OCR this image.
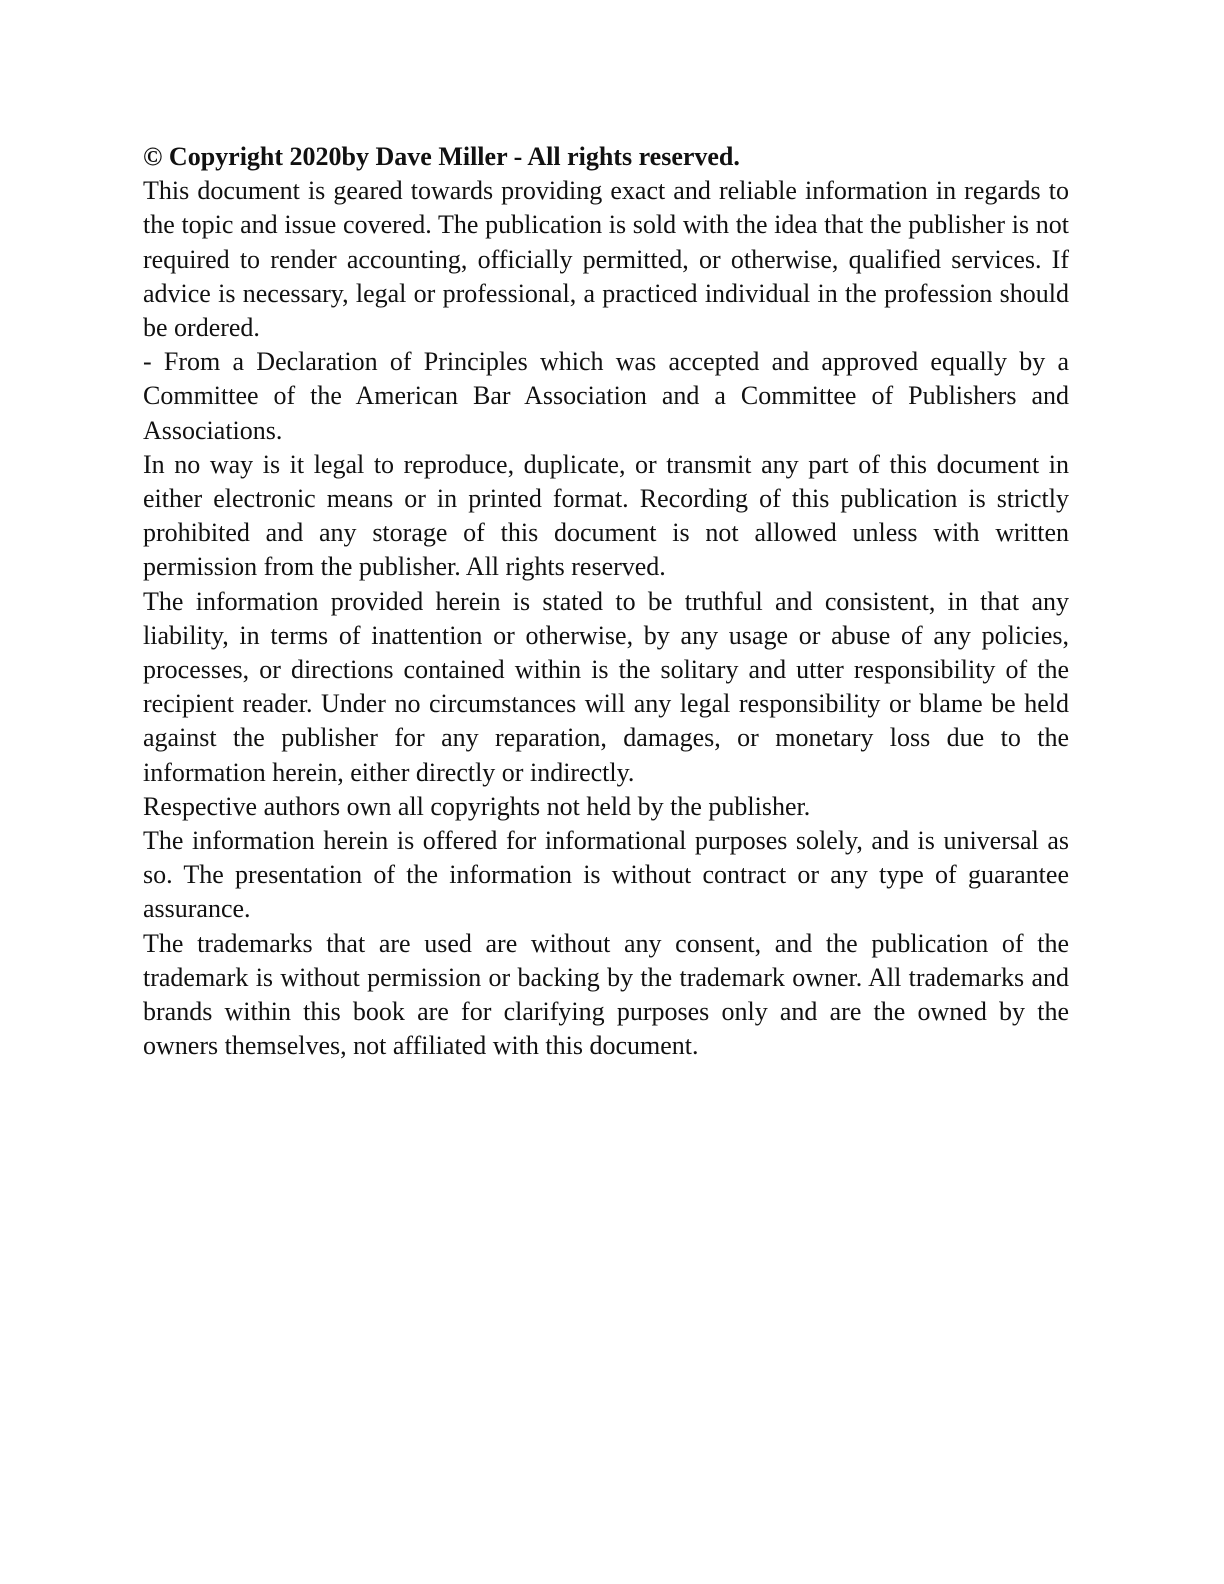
© Copyright 2020by Dave Miller - All rights reserved.

This document is geared towards providing exact and reliable information in regards to the topic and issue covered. The publication is sold with the idea that the publisher is not required to render accounting, officially permitted, or otherwise, qualified services. If advice is necessary, legal or professional, a practiced individual in the profession should be ordered.

- From a Declaration of Principles which was accepted and approved equally by a Committee of the American Bar Association and a Committee of Publishers and Associations.

In no way is it legal to reproduce, duplicate, or transmit any part of this document in either electronic means or in printed format. Recording of this publication is strictly prohibited and any storage of this document is not allowed unless with written permission from the publisher. All rights reserved.

The information provided herein is stated to be truthful and consistent, in that any liability, in terms of inattention or otherwise, by any usage or abuse of any policies, processes, or directions contained within is the solitary and utter responsibility of the recipient reader. Under no circumstances will any legal responsibility or blame be held against the publisher for any reparation, damages, or monetary loss due to the information herein, either directly or indirectly.

Respective authors own all copyrights not held by the publisher.

The information herein is offered for informational purposes solely, and is universal as so. The presentation of the information is without contract or any type of guarantee assurance.

The trademarks that are used are without any consent, and the publication of the trademark is without permission or backing by the trademark owner. All trademarks and brands within this book are for clarifying purposes only and are the owned by the owners themselves, not affiliated with this document.
